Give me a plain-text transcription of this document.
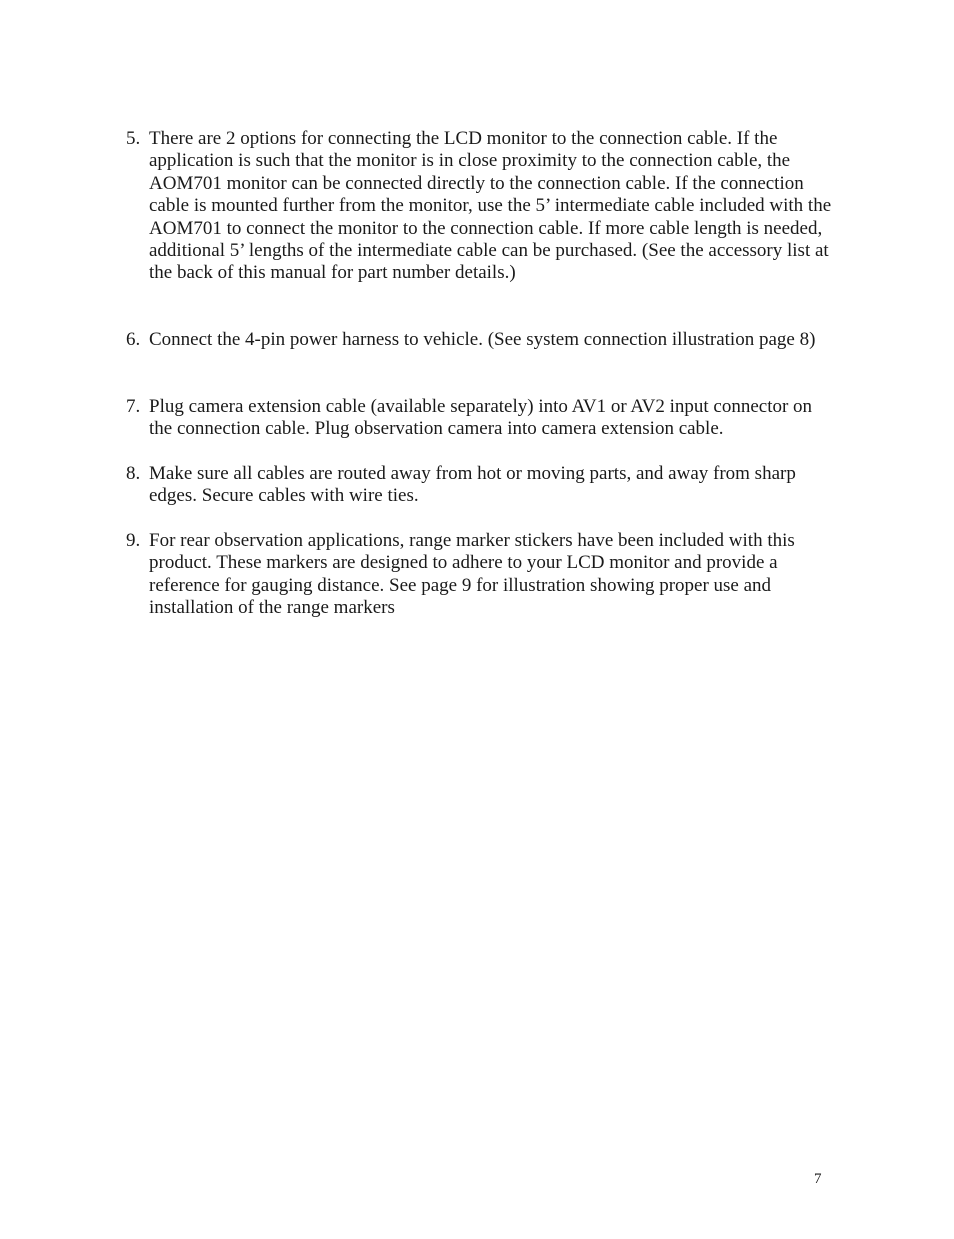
5. There are 2 options for connecting the LCD monitor to the connection cable. If the application is such that the monitor is in close proximity to the connection cable, the AOM701 monitor can be connected directly to the connection cable. If the connection cable is mounted further from the monitor, use the 5’ intermediate cable included with the AOM701 to connect the monitor to the connection cable. If more cable length is needed, additional 5’ lengths of the intermediate cable can be purchased. (See the accessory list at the back of this manual for part number details.)
6. Connect the 4-pin power harness to vehicle. (See system connection illustration page 8)
7. Plug camera extension cable (available separately) into AV1 or AV2 input connector on the connection cable. Plug observation camera into camera extension cable.
8. Make sure all cables are routed away from hot or moving parts, and away from sharp edges. Secure cables with wire ties.
9. For rear observation applications, range marker stickers have been included with this product. These markers are designed to adhere to your LCD monitor and provide a reference for gauging distance. See page 9 for illustration showing proper use and installation of the range markers
7
